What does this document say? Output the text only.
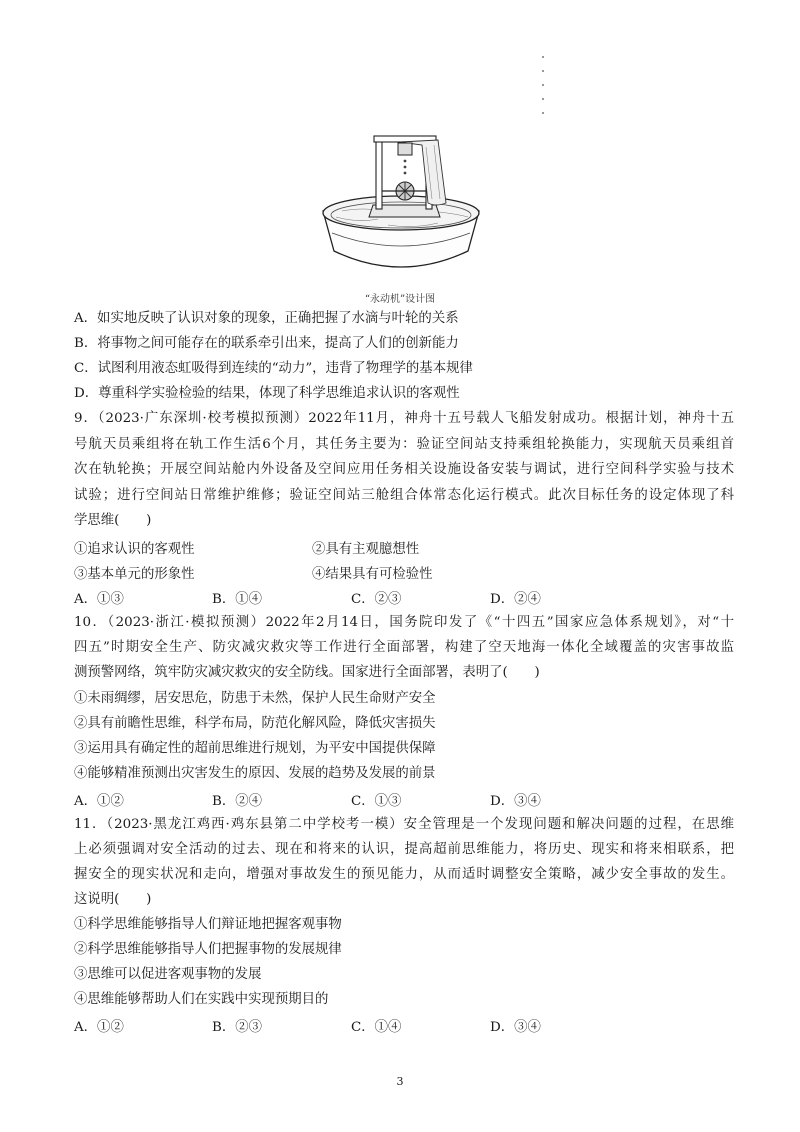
“永动机”设计图
A．如实地反映了认识对象的现象，正确把握了水滴与叶轮的关系
B．将事物之间可能存在的联系牵引出来，提高了人们的创新能力
C．试图利用液态虹吸得到连续的“动力”，违背了物理学的基本规律
D．尊重科学实验检验的结果，体现了科学思维追求认识的客观性
9．（2023·广东深圳·校考模拟预测）2022年11月，神舟十五号载人飞船发射成功。根据计划，神舟十五
号航天员乘组将在轨工作生活6个月，其任务主要为：验证空间站支持乘组轮换能力，实现航天员乘组首
次在轨轮换；开展空间站舱内外设备及空间应用任务相关设施设备安装与调试，进行空间科学实验与技术
试验；进行空间站日常维护维修；验证空间站三舱组合体常态化运行模式。此次目标任务的设定体现了科
学思维(　　)
①追求认识的客观性	②具有主观臆想性
③基本单元的形象性	④结果具有可检验性
A．①③	B．①④	C．②③	D．②④
10．（2023·浙江·模拟预测）2022年2月14日，国务院印发了《“十四五”国家应急体系规划》，对“十
四五”时期安全生产、防灾减灾救灾等工作进行全面部署，构建了空天地海一体化全域覆盖的灾害事故监
测预警网络，筑牢防灾减灾救灾的安全防线。国家进行全面部署，表明了(　　)
①未雨绸缪，居安思危，防患于未然，保护人民生命财产安全
②具有前瞻性思维，科学布局，防范化解风险，降低灾害损失
③运用具有确定性的超前思维进行规划，为平安中国提供保障
④能够精准预测出灾害发生的原因、发展的趋势及发展的前景
A．①②	B．②④	C．①③	D．③④
11．（2023·黑龙江鸡西·鸡东县第二中学校考一模）安全管理是一个发现问题和解决问题的过程，在思维
上必须强调对安全活动的过去、现在和将来的认识，提高超前思维能力，将历史、现实和将来相联系，把
握安全的现实状况和走向，增强对事故发生的预见能力，从而适时调整安全策略，减少安全事故的发生。
这说明(　　)
①科学思维能够指导人们辩证地把握客观事物
②科学思维能够指导人们把握事物的发展规律
③思维可以促进客观事物的发展
④思维能够帮助人们在实践中实现预期目的
A．①②	B．②③	C．①④	D．③④
3
